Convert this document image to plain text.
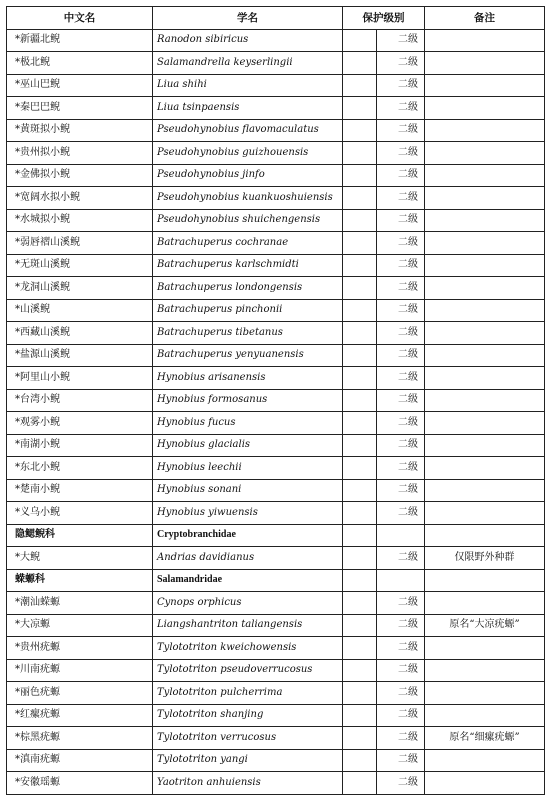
中文名	学名	保护级别		备注
*新疆北鲵	Ranodon sibiricus		二级	
*极北鲵	Salamandrella keyserlingii		二级	
*巫山巴鲵	Liua shihi		二级	
*秦巴巴鲵	Liua tsinpaensis		二级	
*黄斑拟小鲵	Pseudohynobius flavomaculatus		二级	
*贵州拟小鲵	Pseudohynobius guizhouensis		二级	
*金佛拟小鲵	Pseudohynobius jinfo		二级	
*宽阔水拟小鲵	Pseudohynobius kuankuoshuiensis		二级	
*水城拟小鲵	Pseudohynobius shuichengensis		二级	
*弱唇褶山溪鲵	Batrachuperus cochranae		二级	
*无斑山溪鲵	Batrachuperus karlschmidti		二级	
*龙洞山溪鲵	Batrachuperus londongensis		二级	
*山溪鲵	Batrachuperus pinchonii		二级	
*西藏山溪鲵	Batrachuperus tibetanus		二级	
*盐源山溪鲵	Batrachuperus yenyuanensis		二级	
*阿里山小鲵	Hynobius arisanensis		二级	
*台湾小鲵	Hynobius formosanus		二级	
*观雾小鲵	Hynobius fucus		二级	
*南湖小鲵	Hynobius glacialis		二级	
*东北小鲵	Hynobius leechii		二级	
*楚南小鲵	Hynobius sonani		二级	
*义乌小鲵	Hynobius yiwuensis		二级	
隐鳃鲵科	Cryptobranchidae			
*大鲵	Andrias davidianus		二级	仅限野外种群
蝾螈科	Salamandridae			
*潮汕蝾螈	Cynops orphicus		二级	
*大凉螈	Liangshantriton taliangensis		二级	原名“大凉疣螈”
*贵州疣螈	Tylototriton kweichowensis		二级	
*川南疣螈	Tylototriton pseudoverrucosus		二级	
*丽色疣螈	Tylototriton pulcherrima		二级	
*红瘰疣螈	Tylototriton shanjing		二级	
*棕黑疣螈	Tylototriton verrucosus		二级	原名“细瘰疣螈”
*滇南疣螈	Tylototriton yangi		二级	
*安徽瑶螈	Yaotriton anhuiensis		二级	
